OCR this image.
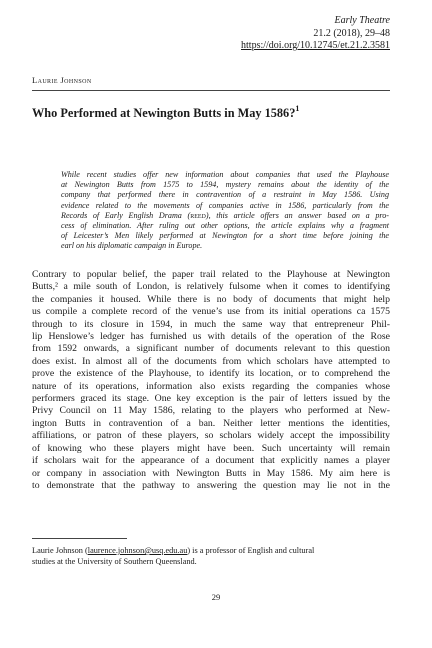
Early Theatre
21.2 (2018), 29–48
https://doi.org/10.12745/et.21.2.3581
Laurie Johnson
Who Performed at Newington Butts in May 1586?$^1$
While recent studies offer new information about companies that used the Playhouse
at Newington Butts from 1575 to 1594, mystery remains about the identity of the
company that performed there in contravention of a restraint in May 1586. Using
evidence related to the movements of companies active in 1586, particularly from the
Records of Early English Drama (reed), this article offers an answer based on a pro-
cess of elimination. After ruling out other options, the article explains why a fragment
of Leicester’s Men likely performed at Newington for a short time before joining the
earl on his diplomatic campaign in Europe.
Contrary to popular belief, the paper trail related to the Playhouse at Newington
Butts,² a mile south of London, is relatively fulsome when it comes to identifying
the companies it housed. While there is no body of documents that might help
us compile a complete record of the venue’s use from its initial operations ca 1575
through to its closure in 1594, in much the same way that entrepreneur Phil-
lip Henslowe’s ledger has furnished us with details of the operation of the Rose
from 1592 onwards, a significant number of documents relevant to this question
does exist. In almost all of the documents from which scholars have attempted to
prove the existence of the Playhouse, to identify its location, or to comprehend the
nature of its operations, information also exists regarding the companies whose
performers graced its stage. One key exception is the pair of letters issued by the
Privy Council on 11 May 1586, relating to the players who performed at New-
ington Butts in contravention of a ban. Neither letter mentions the identities,
affiliations, or patron of these players, so scholars widely accept the impossibility
of knowing who these players might have been. Such uncertainty will remain
if scholars wait for the appearance of a document that explicitly names a player
or company in association with Newington Butts in May 1586. My aim here is
to demonstrate that the pathway to answering the question may lie not in the
Laurie Johnson (laurence.johnson@usq.edu.au) is a professor of English and cultural
studies at the University of Southern Queensland.
29
